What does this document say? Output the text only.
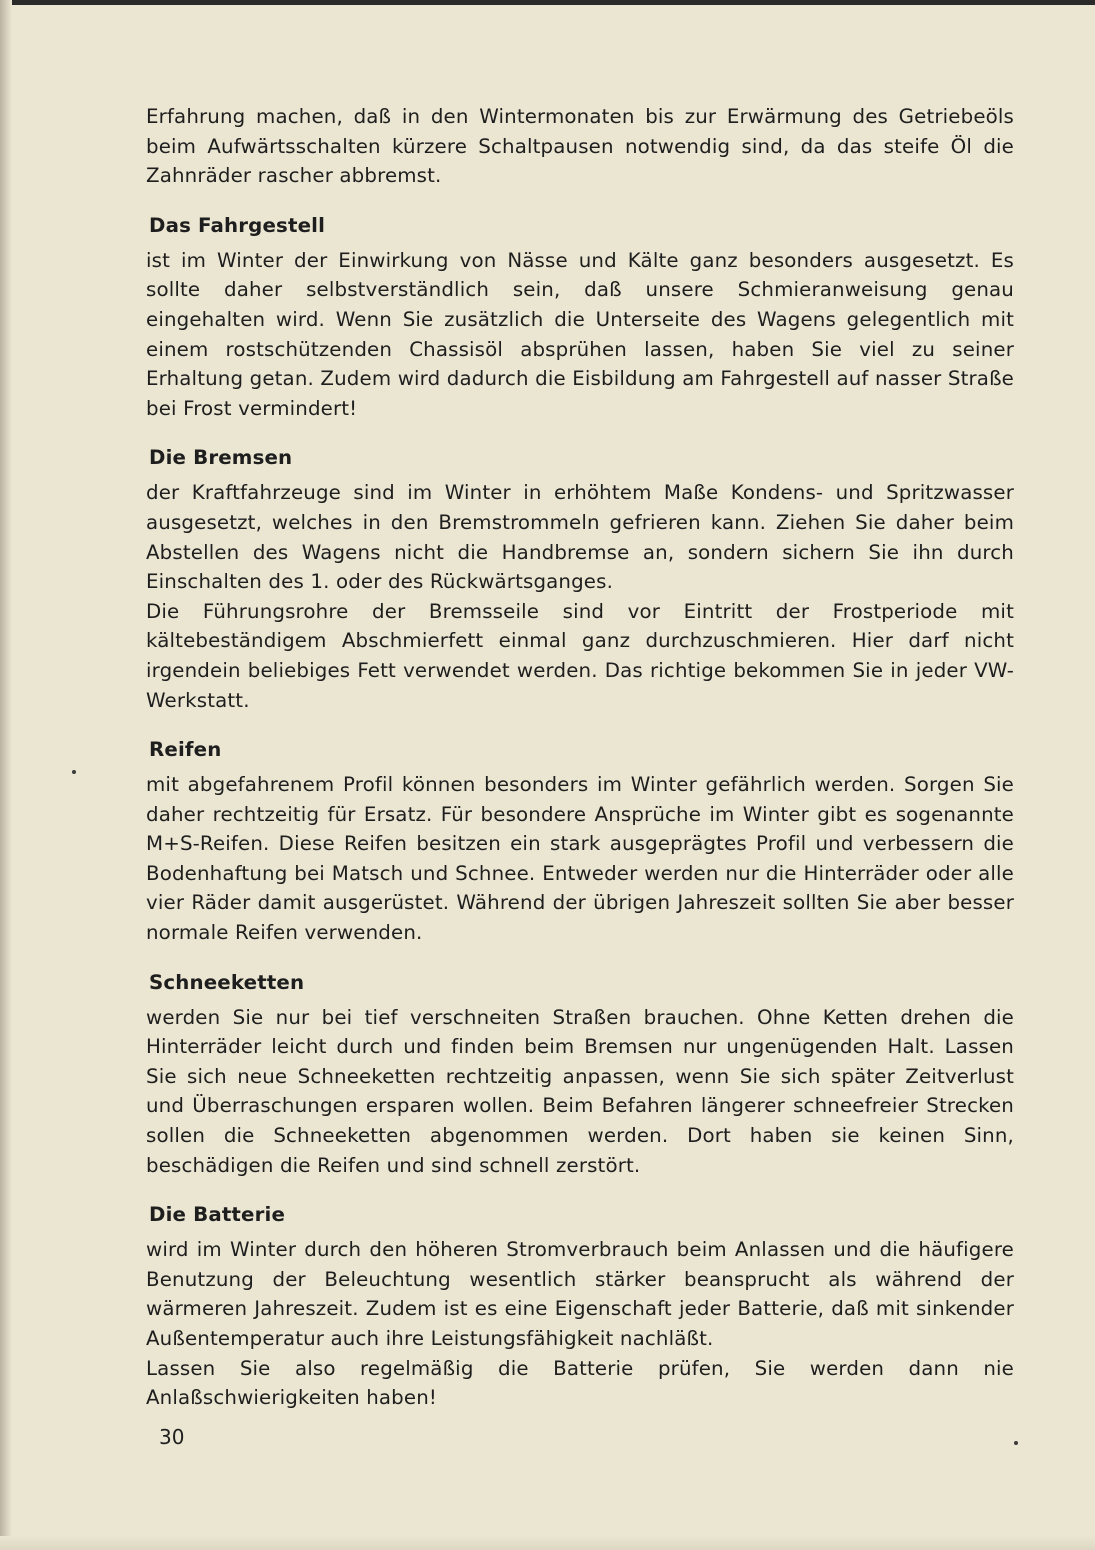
Erfahrung machen, daß in den Wintermonaten bis zur Erwärmung des Getriebeöls beim Aufwärtsschalten kürzere Schaltpausen notwendig sind, da das steife Öl die Zahnräder rascher abbremst.

Das Fahrgestell

ist im Winter der Einwirkung von Nässe und Kälte ganz besonders ausgesetzt. Es sollte daher selbstverständlich sein, daß unsere Schmieranweisung genau eingehalten wird. Wenn Sie zusätzlich die Unterseite des Wagens gelegentlich mit einem rostschützenden Chassisöl absprühen lassen, haben Sie viel zu seiner Erhaltung getan. Zudem wird dadurch die Eisbildung am Fahrgestell auf nasser Straße bei Frost vermindert!

Die Bremsen

der Kraftfahrzeuge sind im Winter in erhöhtem Maße Kondens- und Spritzwasser ausgesetzt, welches in den Bremstrommeln gefrieren kann. Ziehen Sie daher beim Abstellen des Wagens nicht die Handbremse an, sondern sichern Sie ihn durch Einschalten des 1. oder des Rückwärtsganges.

Die Führungsrohre der Bremsseile sind vor Eintritt der Frostperiode mit kältebeständigem Abschmierfett einmal ganz durchzuschmieren. Hier darf nicht irgendein beliebiges Fett verwendet werden. Das richtige bekommen Sie in jeder VW-Werkstatt.

Reifen

mit abgefahrenem Profil können besonders im Winter gefährlich werden. Sorgen Sie daher rechtzeitig für Ersatz. Für besondere Ansprüche im Winter gibt es sogenannte M+S-Reifen. Diese Reifen besitzen ein stark ausgeprägtes Profil und verbessern die Bodenhaftung bei Matsch und Schnee. Entweder werden nur die Hinterräder oder alle vier Räder damit ausgerüstet. Während der übrigen Jahreszeit sollten Sie aber besser normale Reifen verwenden.

Schneeketten

werden Sie nur bei tief verschneiten Straßen brauchen. Ohne Ketten drehen die Hinterräder leicht durch und finden beim Bremsen nur ungenügenden Halt. Lassen Sie sich neue Schneeketten rechtzeitig anpassen, wenn Sie sich später Zeitverlust und Überraschungen ersparen wollen. Beim Befahren längerer schneefreier Strecken sollen die Schneeketten abgenommen werden. Dort haben sie keinen Sinn, beschädigen die Reifen und sind schnell zerstört.

Die Batterie

wird im Winter durch den höheren Stromverbrauch beim Anlassen und die häufigere Benutzung der Beleuchtung wesentlich stärker beansprucht als während der wärmeren Jahreszeit. Zudem ist es eine Eigenschaft jeder Batterie, daß mit sinkender Außentemperatur auch ihre Leistungsfähigkeit nachläßt.

Lassen Sie also regelmäßig die Batterie prüfen, Sie werden dann nie Anlaßschwierigkeiten haben!

30
